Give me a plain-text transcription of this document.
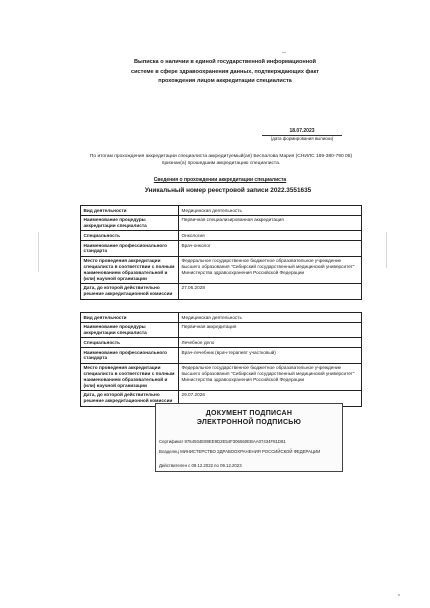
Выписка о наличии в единой государственной информационной
системе в сфере здравоохранения данных, подтверждающих факт
прохождения лицом аккредитации специалиста
18.07.2023
(дата формирования выписки)
По итогам прохождения аккредитации специалиста аккредитуемый(ая) Беспалова Мария (СНИЛС 169-380-790 08)
признан(а) прошедшим аккредитацию специалиста.
Сведения о прохождении аккредитации специалиста
Уникальный номер реестровой записи 2022.3551635
Вид деятельности	Медицинская деятельность
Наименование процедуры аккредитации специалиста	Первичная специализированная аккредитация
Специальность	Онкология
Наименование профессионального стандарта	Врач-онколог
Место проведения аккредитации специалиста в соответствии с полным наименованием образовательной и (или) научной организации	Федеральное государственное бюджетное образовательное учреждение высшего образования "Сибирский государственный медицинский университет" Министерства здравоохранения Российской Федерации
Дата, до которой действительно решение аккредитационной комиссии	27.06.2028
Вид деятельности	Медицинская деятельность
Наименование процедуры аккредитации специалиста	Первичная аккредитация
Специальность	Лечебное дело
Наименование профессионального стандарта	Врач-лечебник (врач-терапевт участковый)
Место проведения аккредитации специалиста в соответствии с полным наименованием образовательной и (или) научной организации	Федеральное государственное бюджетное образовательное учреждение высшего образования "Сибирский государственный медицинский университет" Министерства здравоохранения Российской Федерации
Дата, до которой действительно решение аккредитационной комиссии	29.07.2026
ДОКУМЕНТ ПОДПИСАН
ЭЛЕКТРОННОЙ ПОДПИСЬЮ
Сертификат 9754934E89EE9D2E54F306560EBAA07434F81D81
Владелец МИНИСТЕРСТВО ЗДРАВООХРАНЕНИЯ РОССИЙСКОЙ ФЕДЕРАЦИИ
Действителен с 09.12.2022 по 09.12.2023
